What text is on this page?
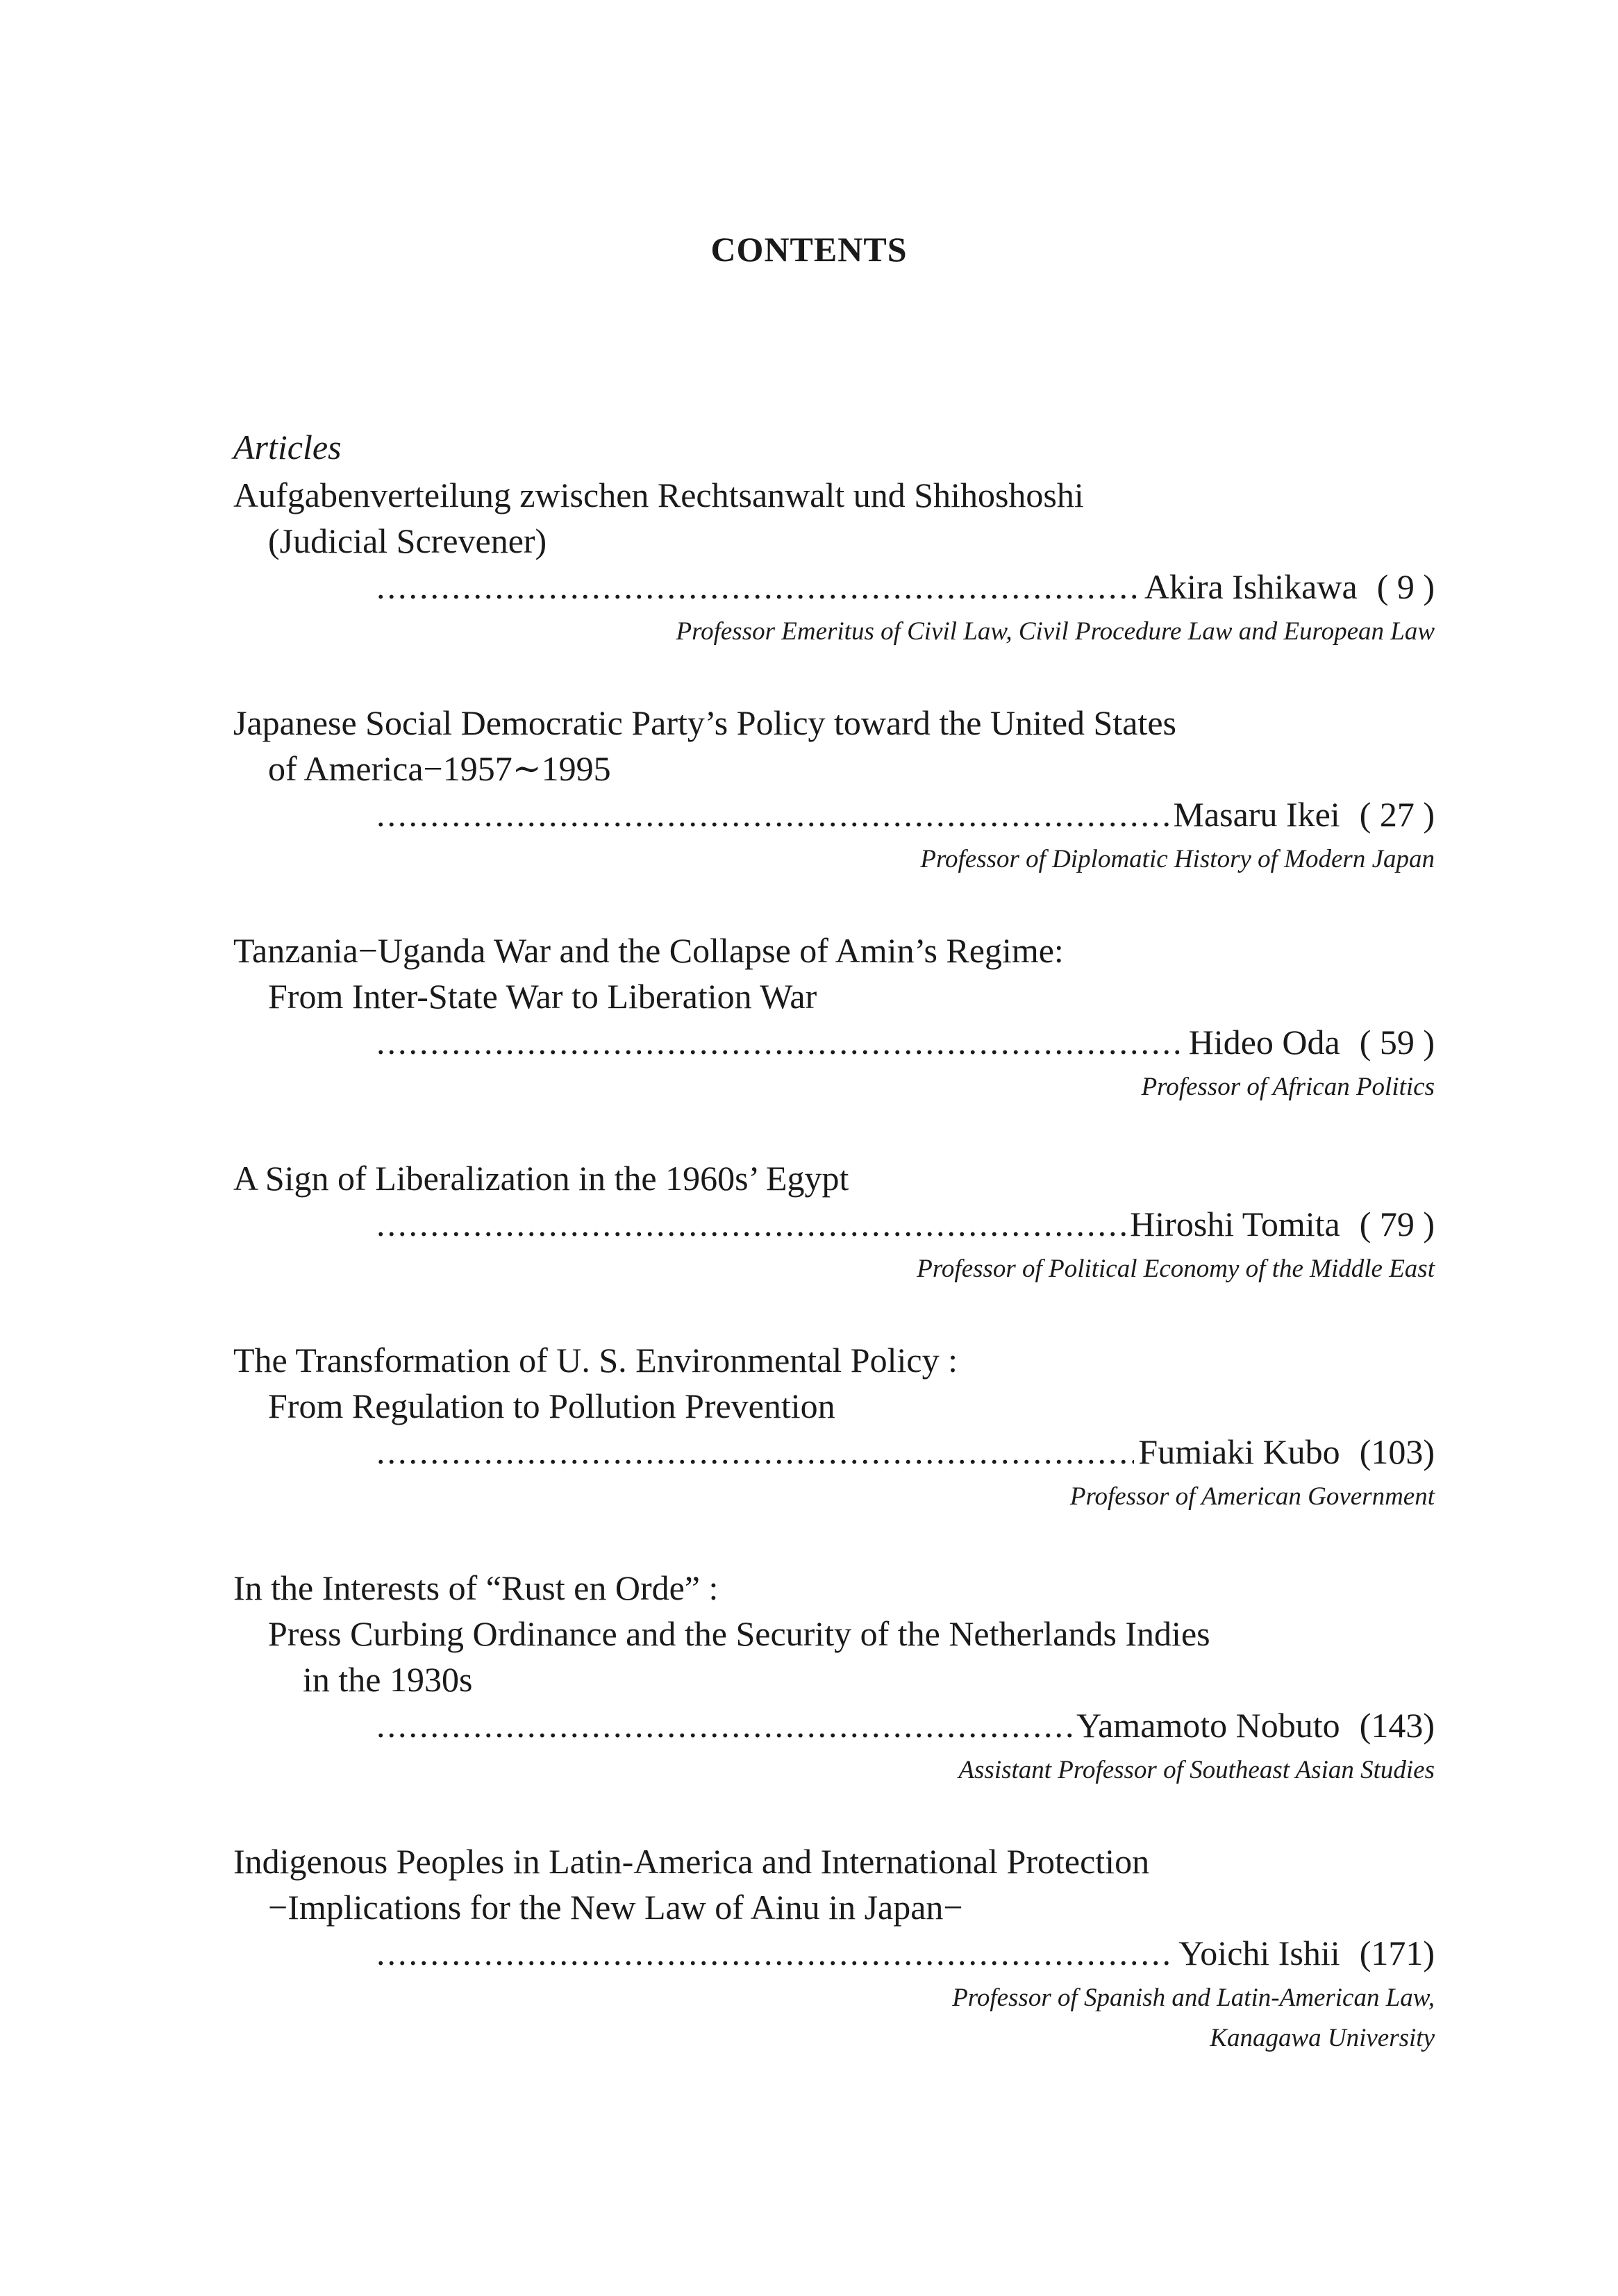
CONTENTS
Articles
Aufgabenverteilung zwischen Rechtsanwalt und Shihoshoshi
(Judicial Screvener)
.....
Akira Ishikawa ( 9 )
Professor Emeritus of Civil Law, Civil Procedure Law and European Law
Japanese Social Democratic Party’s Policy toward the United States
of America−1957∼1995
.....
Masaru Ikei ( 27 )
Professor of Diplomatic History of Modern Japan
Tanzania−Uganda War and the Collapse of Amin’s Regime:
From Inter-State War to Liberation War
.....
Hideo Oda ( 59 )
Professor of African Politics
A Sign of Liberalization in the 1960s’ Egypt
.....
Hiroshi Tomita ( 79 )
Professor of Political Economy of the Middle East
The Transformation of U. S. Environmental Policy :
From Regulation to Pollution Prevention
.....
Fumiaki Kubo (103)
Professor of American Government
In the Interests of “Rust en Orde” :
Press Curbing Ordinance and the Security of the Netherlands Indies
in the 1930s
.....
Yamamoto Nobuto (143)
Assistant Professor of Southeast Asian Studies
Indigenous Peoples in Latin-America and International Protection
−Implications for the New Law of Ainu in Japan−
.....
Yoichi Ishii (171)
Professor of Spanish and Latin-American Law,
Kanagawa University
